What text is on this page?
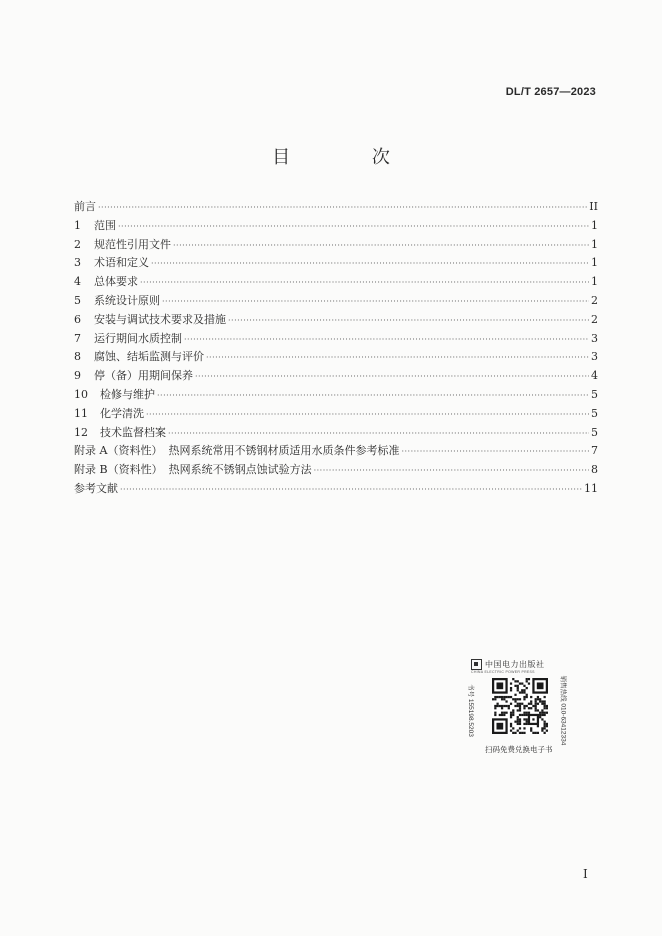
DL/T 2657—2023
目 次
前言 ·····	II
1	范围 ·····	1
2	规范性引用文件 ·····	1
3	术语和定义 ·····	1
4	总体要求 ·····	1
5	系统设计原则 ·····	2
6	安装与调试技术要求及措施 ·····	2
7	运行期间水质控制 ·····	3
8	腐蚀、结垢监测与评价 ·····	3
9	停（备）用期间保养 ·····	4
10	检修与维护 ·····	5
11	化学清洗 ·····	5
12	技术监督档案 ·····	5
附录 A（资料性） 热网系统常用不锈钢材质适用水质条件参考标准 ·····	7
附录 B（资料性） 热网系统不锈钢点蚀试验方法 ·····	8
参考文献 ·····	11
中国电力出版社
CHINA ELECTRIC POWER PRESS
书号 155198.5203	销售热线 010-63412334
扫码免费兑换电子书
I
